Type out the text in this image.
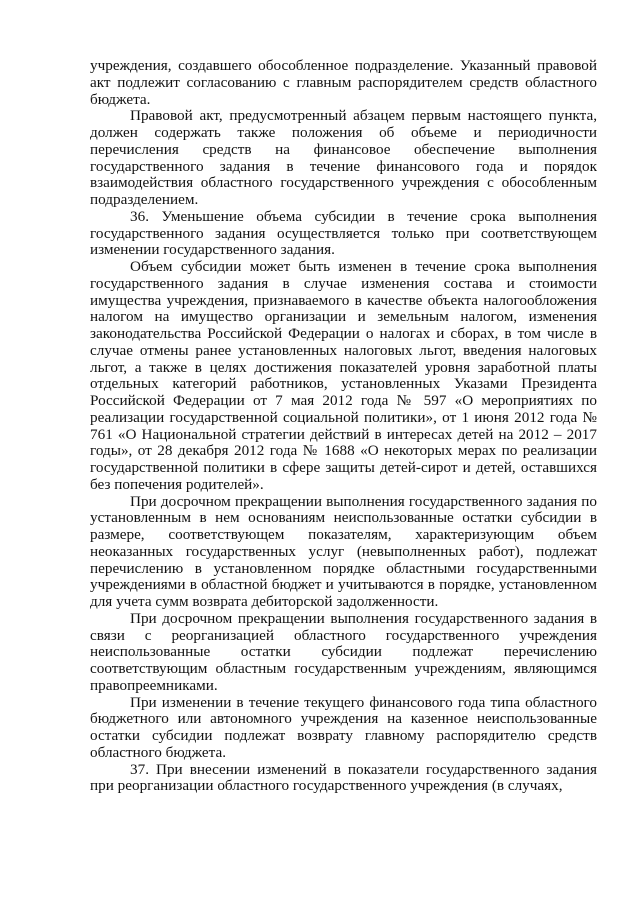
учреждения, создавшего обособленное подразделение. Указанный правовой акт подлежит согласованию с главным распорядителем средств областного бюджета.

Правовой акт, предусмотренный абзацем первым настоящего пункта, должен содержать также положения об объеме и периодичности перечисления средств на финансовое обеспечение выполнения государственного задания в течение финансового года и порядок взаимодействия областного государственного учреждения с обособленным подразделением.

36. Уменьшение объема субсидии в течение срока выполнения государственного задания осуществляется только при соответствующем изменении государственного задания.

Объем субсидии может быть изменен в течение срока выполнения государственного задания в случае изменения состава и стоимости имущества учреждения, признаваемого в качестве объекта налогообложения налогом на имущество организации и земельным налогом, изменения законодательства Российской Федерации о налогах и сборах, в том числе в случае отмены ранее установленных налоговых льгот, введения налоговых льгот, а также в целях достижения показателей уровня заработной платы отдельных категорий работников, установленных Указами Президента Российской Федерации от 7 мая 2012 года № 597 «О мероприятиях по реализации государственной социальной политики», от 1 июня 2012 года № 761 «О Национальной стратегии действий в интересах детей на 2012 – 2017 годы», от 28 декабря 2012 года № 1688 «О некоторых мерах по реализации государственной политики в сфере защиты детей-сирот и детей, оставшихся без попечения родителей».

При досрочном прекращении выполнения государственного задания по установленным в нем основаниям неиспользованные остатки субсидии в размере, соответствующем показателям, характеризующим объем неоказанных государственных услуг (невыполненных работ), подлежат перечислению в установленном порядке областными государственными учреждениями в областной бюджет и учитываются в порядке, установленном для учета сумм возврата дебиторской задолженности.

При досрочном прекращении выполнения государственного задания в связи с реорганизацией областного государственного учреждения неиспользованные остатки субсидии подлежат перечислению соответствующим областным государственным учреждениям, являющимся правопреемниками.

При изменении в течение текущего финансового года типа областного бюджетного или автономного учреждения на казенное неиспользованные остатки субсидии подлежат возврату главному распорядителю средств областного бюджета.

37. При внесении изменений в показатели государственного задания при реорганизации областного государственного учреждения (в случаях,
